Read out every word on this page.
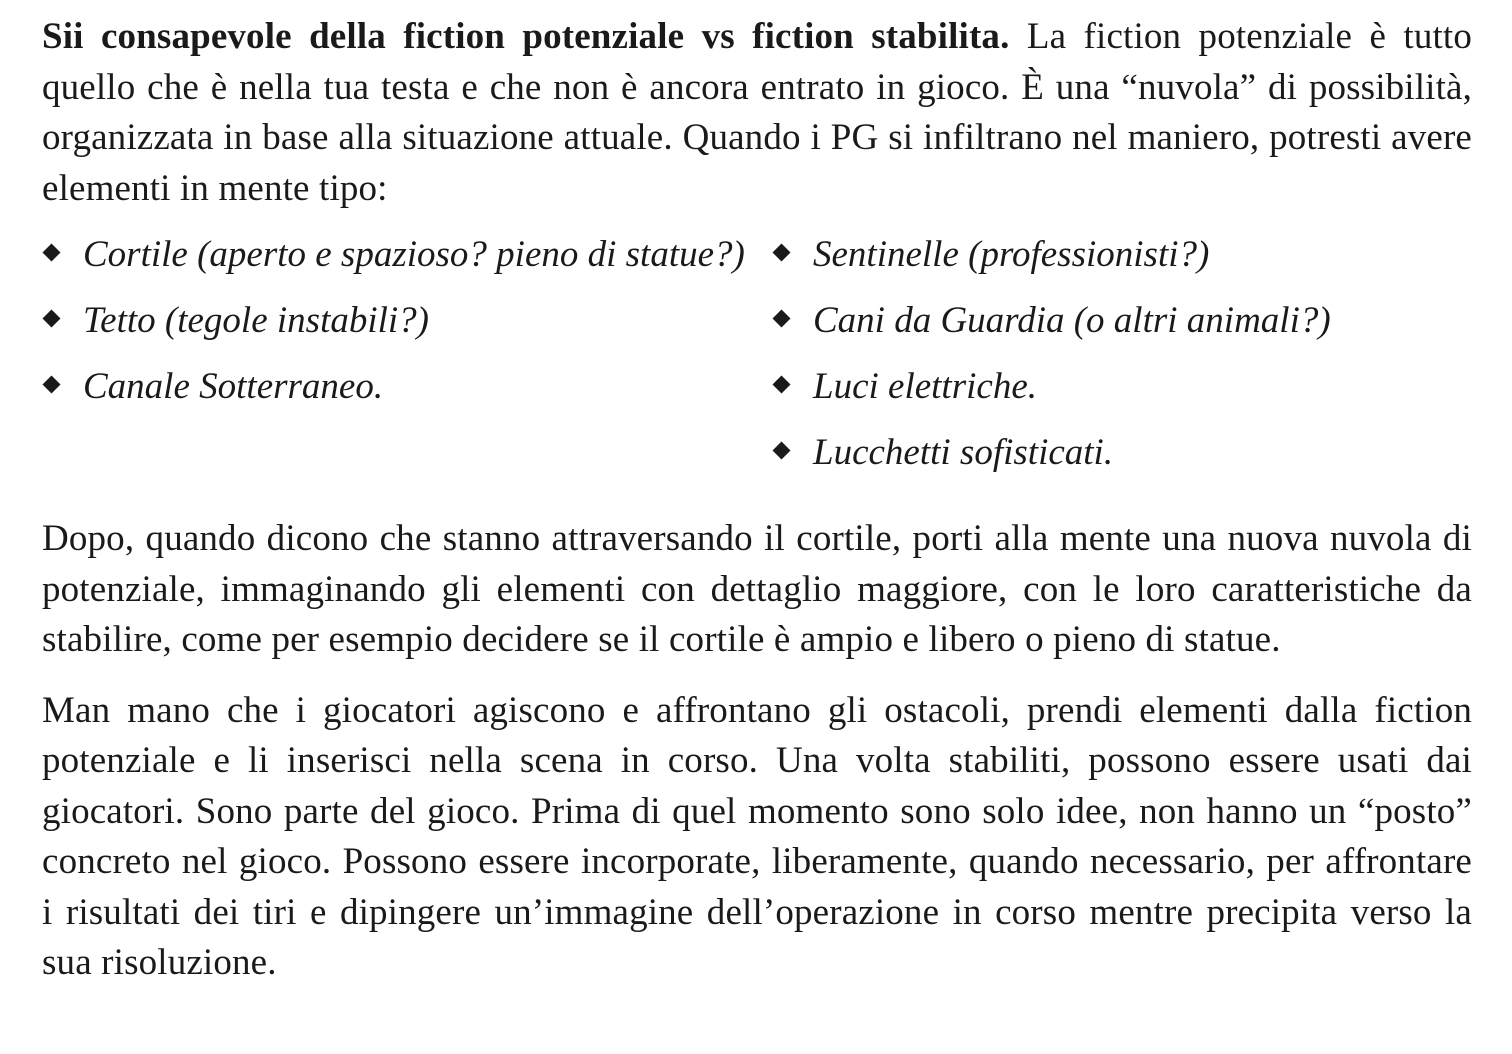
Sii consapevole della fiction potenziale vs fiction stabilita. La fiction potenziale è tutto quello che è nella tua testa e che non è ancora entrato in gioco. È una “nuvola” di possibilità, organizzata in base alla situazione attuale. Quando i PG si infiltrano nel maniero, potresti avere elementi in mente tipo:

Cortile (aperto e spazioso? pieno di statue?)
Tetto (tegole instabili?)
Canale Sotterraneo.
Sentinelle (professionisti?)
Cani da Guardia (o altri animali?)
Luci elettriche.
Lucchetti sofisticati.

Dopo, quando dicono che stanno attraversando il cortile, porti alla mente una nuova nuvola di potenziale, immaginando gli elementi con dettaglio maggiore, con le loro caratteristiche da stabilire, come per esempio decidere se il cortile è ampio e libero o pieno di statue.

Man mano che i giocatori agiscono e affrontano gli ostacoli, prendi elementi dalla fiction potenziale e li inserisci nella scena in corso. Una volta stabiliti, possono essere usati dai giocatori. Sono parte del gioco. Prima di quel momento sono solo idee, non hanno un “posto” concreto nel gioco. Possono essere incorporate, liberamente, quando necessario, per affrontare i risultati dei tiri e dipingere un’immagine dell’operazione in corso mentre precipita verso la sua risoluzione.
